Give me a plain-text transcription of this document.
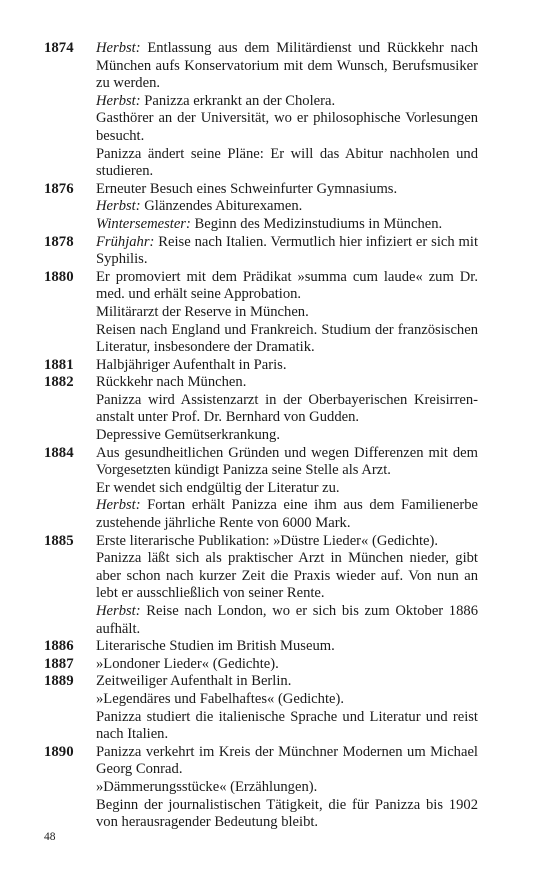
1874	Herbst: Entlassung aus dem Militärdienst und Rückkehr nach München aufs Konservatorium mit dem Wunsch, Berufsmusiker zu werden.
Herbst: Panizza erkrankt an der Cholera.
Gasthörer an der Universität, wo er philosophische Vorlesungen besucht.
Panizza ändert seine Pläne: Er will das Abitur nachholen und studieren.
1876	Erneuter Besuch eines Schweinfurter Gymnasiums.
Herbst: Glänzendes Abiturexamen.
Wintersemester: Beginn des Medizinstudiums in München.
1878	Frühjahr: Reise nach Italien. Vermutlich hier infiziert er sich mit Syphilis.
1880	Er promoviert mit dem Prädikat »summa cum laude« zum Dr. med. und erhält seine Approbation.
Militärarzt der Reserve in München.
Reisen nach England und Frankreich. Studium der französischen Literatur, insbesondere der Dramatik.
1881	Halbjähriger Aufenthalt in Paris.
1882	Rückkehr nach München.
Panizza wird Assistenzarzt in der Oberbayerischen Kreisirrenanstalt unter Prof. Dr. Bernhard von Gudden.
Depressive Gemütserkrankung.
1884	Aus gesundheitlichen Gründen und wegen Differenzen mit dem Vorgesetzten kündigt Panizza seine Stelle als Arzt.
Er wendet sich endgültig der Literatur zu.
Herbst: Fortan erhält Panizza eine ihm aus dem Familienerbe zustehende jährliche Rente von 6000 Mark.
1885	Erste literarische Publikation: »Düstre Lieder« (Gedichte).
Panizza läßt sich als praktischer Arzt in München nieder, gibt aber schon nach kurzer Zeit die Praxis wieder auf. Von nun an lebt er ausschließlich von seiner Rente.
Herbst: Reise nach London, wo er sich bis zum Oktober 1886 aufhält.
1886	Literarische Studien im British Museum.
1887	»Londoner Lieder« (Gedichte).
1889	Zeitweiliger Aufenthalt in Berlin.
»Legendäres und Fabelhaftes« (Gedichte).
Panizza studiert die italienische Sprache und Literatur und reist nach Italien.
1890	Panizza verkehrt im Kreis der Münchner Modernen um Michael Georg Conrad.
»Dämmerungsstücke« (Erzählungen).
Beginn der journalistischen Tätigkeit, die für Panizza bis 1902 von herausragender Bedeutung bleibt.
48
